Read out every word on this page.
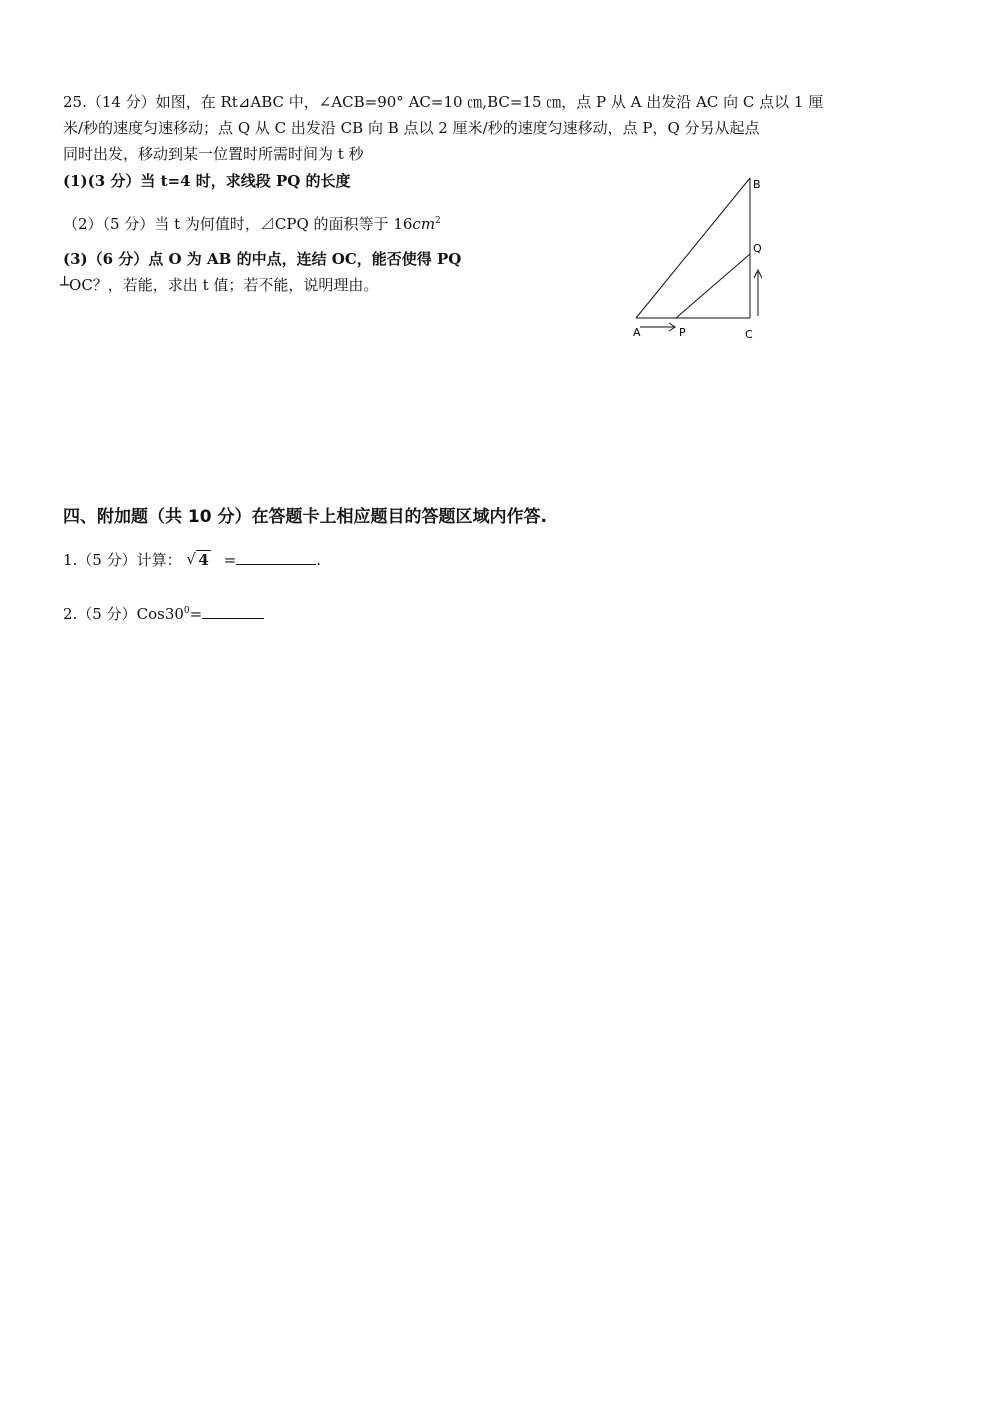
25.（14 分）如图，在 Rt⊿ABC 中，∠ACB=90° AC=10 ㎝,BC=15 ㎝，点 P 从 A 出发沿 AC 向 C 点以 1 厘
米/秒的速度匀速移动；点 Q 从 C 出发沿 CB 向 B 点以 2 厘米/秒的速度匀速移动，点 P，Q 分另从起点
同时出发，移动到某一位置时所需时间为 t 秒
(1)(3 分）当 t=4 时，求线段 PQ 的长度
（2）（5 分）当 t 为何值时，⊿CPQ 的面积等于 $16cm^2$
(3)（6 分）点 O 为 AB 的中点，连结 OC，能否使得 PQ
┴OC？，若能，求出 t 值；若不能，说明理由。
A	P	C
B
Q
四、附加题（共 10 分）在答题卡上相应题目的答题区域内作答.
1.（5 分）计算： √ 4 =	.
2.（5 分）$Cos30^0=$
